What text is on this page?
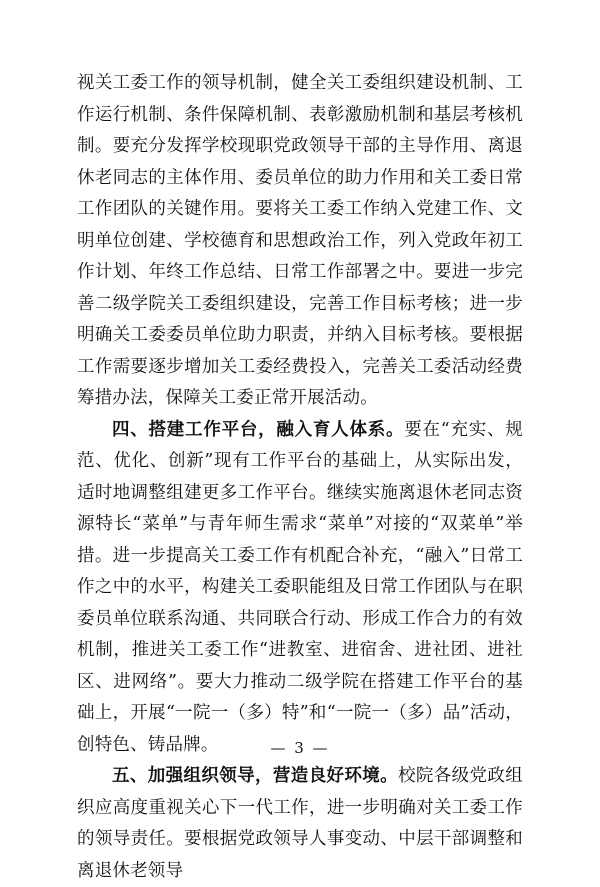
视关工委工作的领导机制，健全关工委组织建设机制、工作运行机制、条件保障机制、表彰激励机制和基层考核机制。要充分发挥学校现职党政领导干部的主导作用、离退休老同志的主体作用、委员单位的助力作用和关工委日常工作团队的关键作用。要将关工委工作纳入党建工作、文明单位创建、学校德育和思想政治工作，列入党政年初工作计划、年终工作总结、日常工作部署之中。要进一步完善二级学院关工委组织建设，完善工作目标考核；进一步明确关工委委员单位助力职责，并纳入目标考核。要根据工作需要逐步增加关工委经费投入，完善关工委活动经费筹措办法，保障关工委正常开展活动。

四、搭建工作平台，融入育人体系。要在“充实、规范、优化、创新”现有工作平台的基础上，从实际出发，适时地调整组建更多工作平台。继续实施离退休老同志资源特长“菜单”与青年师生需求“菜单”对接的“双菜单”举措。进一步提高关工委工作有机配合补充，“融入”日常工作之中的水平，构建关工委职能组及日常工作团队与在职委员单位联系沟通、共同联合行动、形成工作合力的有效机制，推进关工委工作“进教室、进宿舍、进社团、进社区、进网络”。要大力推动二级学院在搭建工作平台的基础上，开展“一院一（多）特”和“一院一（多）品”活动，创特色、铸品牌。

五、加强组织领导，营造良好环境。校院各级党政组织应高度重视关心下一代工作，进一步明确对关工委工作的领导责任。要根据党政领导人事变动、中层干部调整和离退休老领导

— 3 —
